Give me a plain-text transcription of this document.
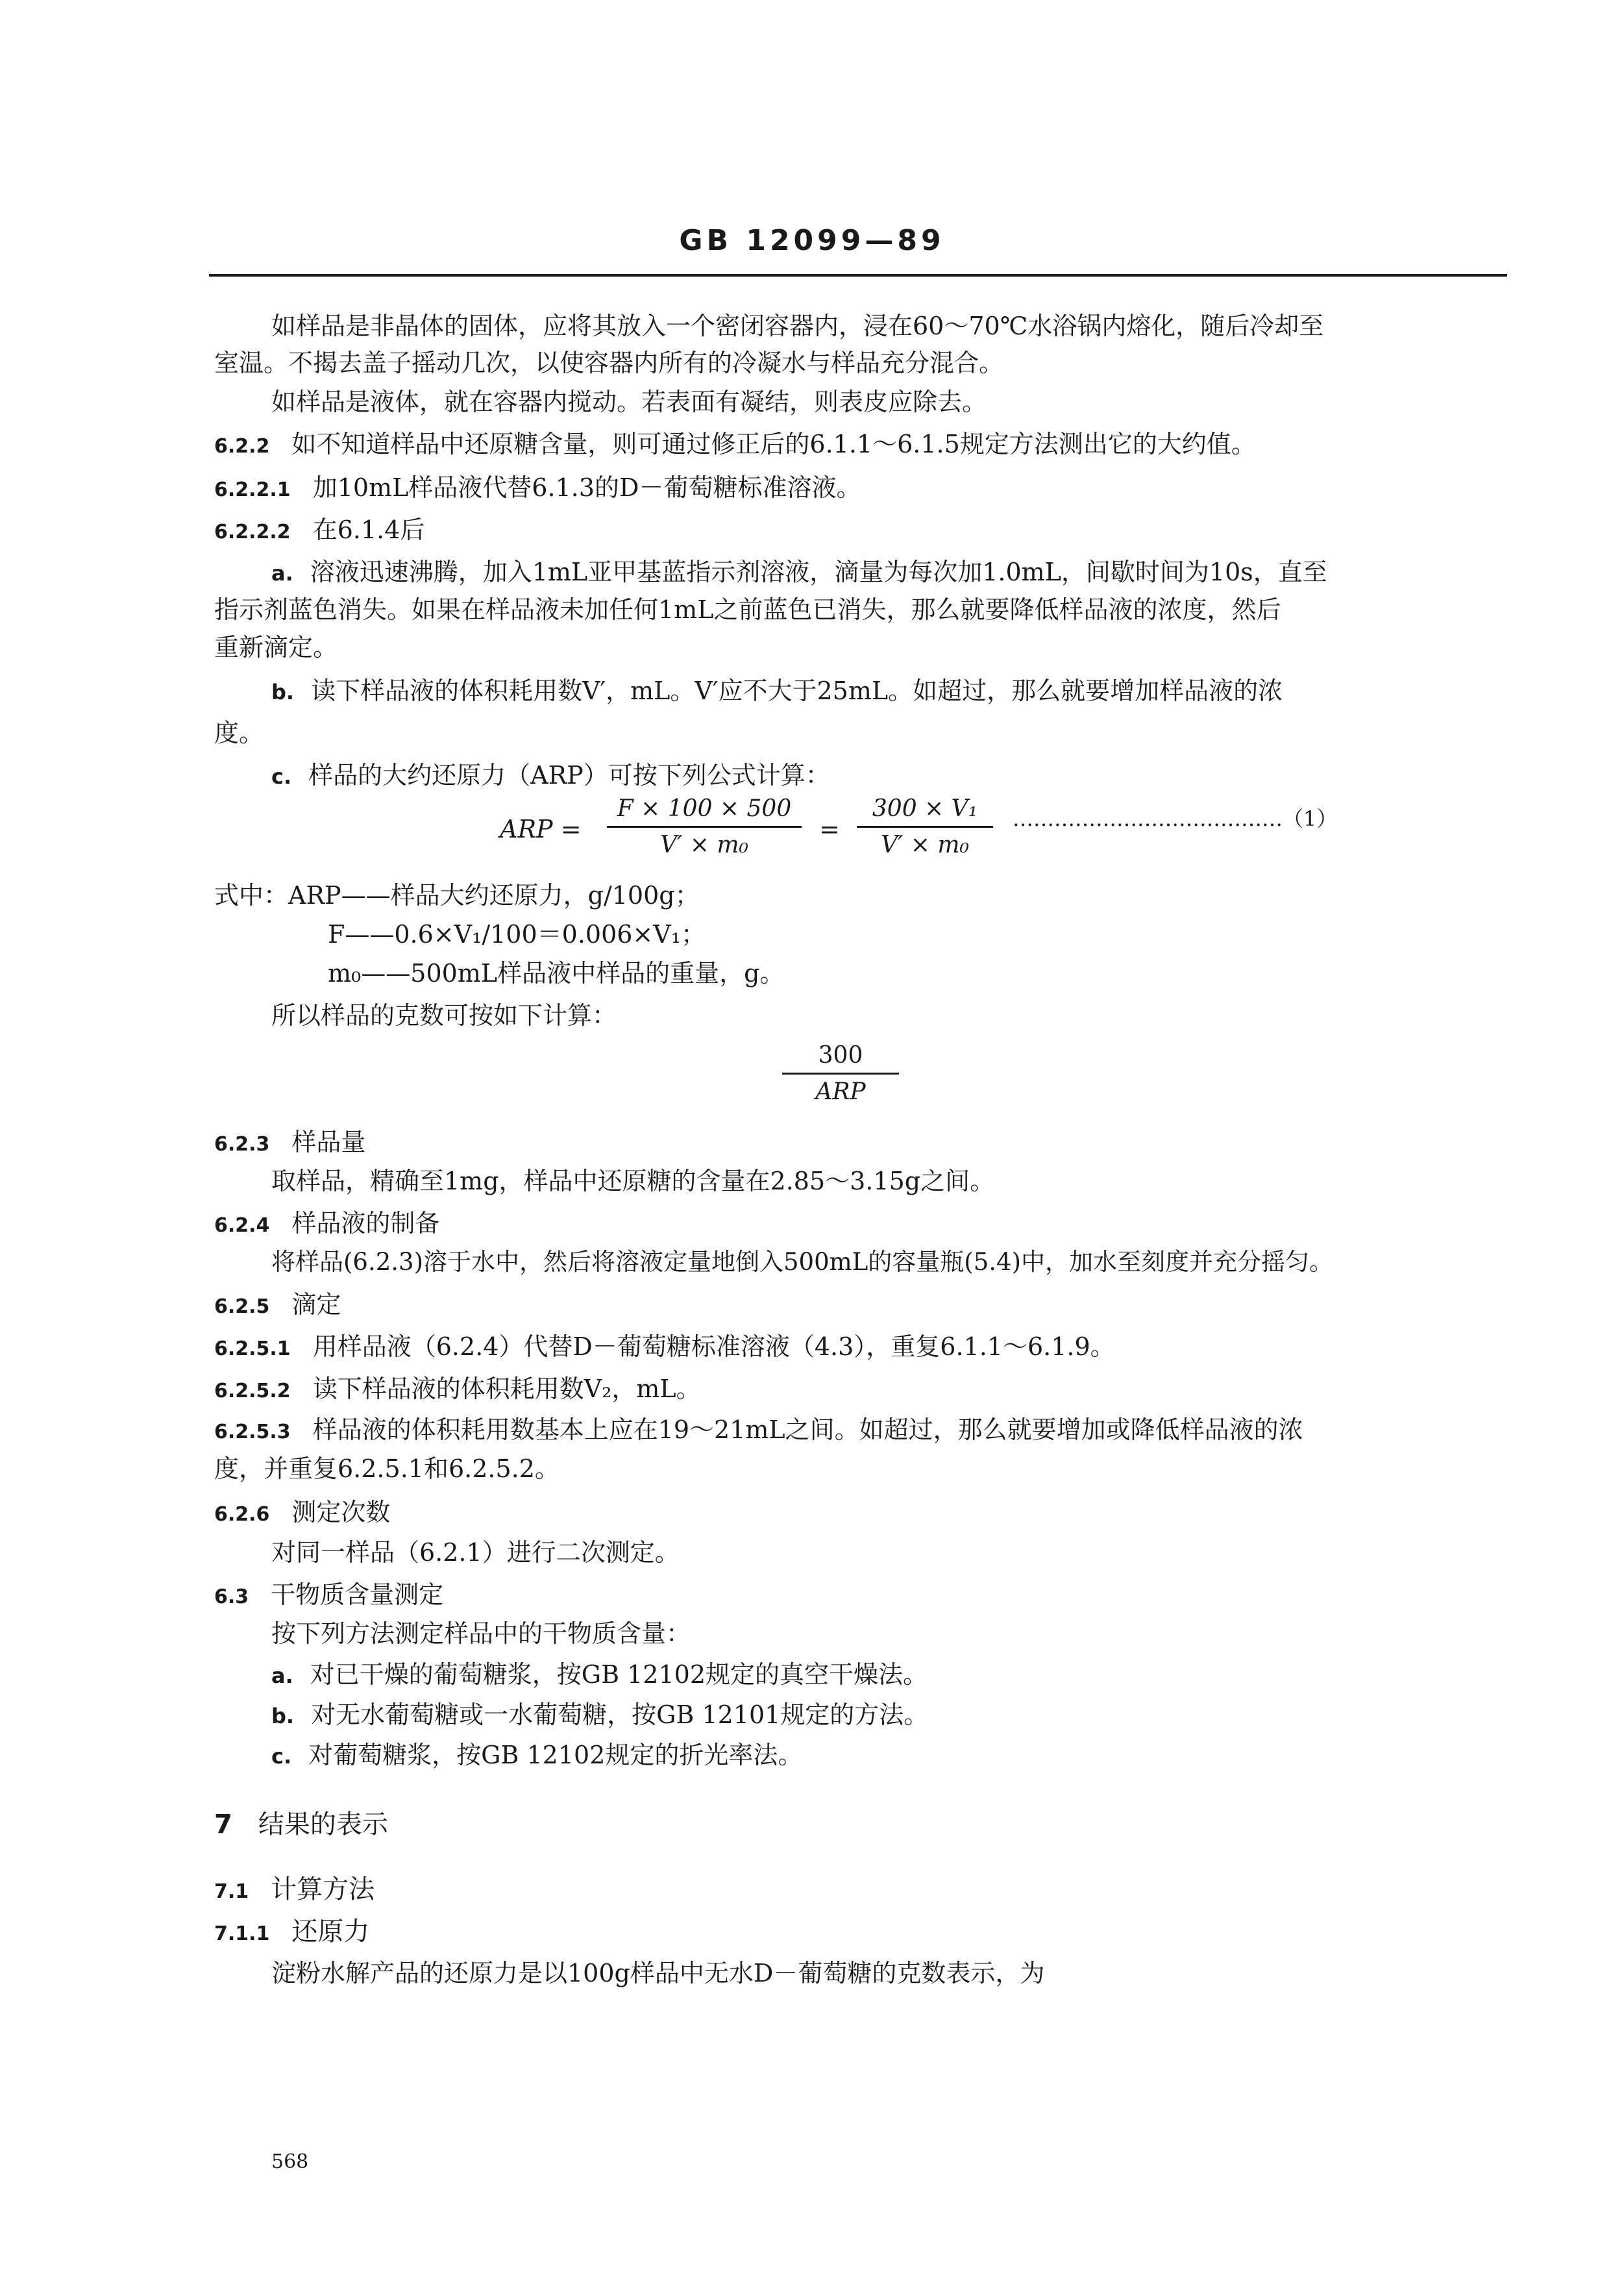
GB 12099—89
如样品是非晶体的固体，应将其放入一个密闭容器内，浸在60～70℃水浴锅内熔化，随后冷却至
室温。不揭去盖子摇动几次，以使容器内所有的冷凝水与样品充分混合。
如样品是液体，就在容器内搅动。若表面有凝结，则表皮应除去。
6.2.2 如不知道样品中还原糖含量，则可通过修正后的6.1.1～6.1.5规定方法测出它的大约值。
6.2.2.1 加10mL样品液代替6.1.3的D－葡萄糖标准溶液。
6.2.2.2 在6.1.4后
a. 溶液迅速沸腾，加入1mL亚甲基蓝指示剂溶液，滴量为每次加1.0mL，间歇时间为10s，直至
指示剂蓝色消失。如果在样品液未加任何1mL之前蓝色已消失，那么就要降低样品液的浓度，然后
重新滴定。
b. 读下样品液的体积耗用数V′，mL。V′应不大于25mL。如超过，那么就要增加样品液的浓
度。
c. 样品的大约还原力（ARP）可按下列公式计算：
ARP = $\frac{F \times 100 \times 500}{\text{V′ × m₀}} = \frac{\text{300 × V₁}}{\text{V′ × m₀}}$ …………………………………（1）
式中：ARP——样品大约还原力，g/100g；
F——0.6×V₁/100＝0.006×V₁；
m₀——500mL样品液中样品的重量，g。
所以样品的克数可按如下计算：
300
ARP
6.2.3 样品量
取样品，精确至1mg，样品中还原糖的含量在2.85～3.15g之间。
6.2.4 样品液的制备
将样品(6.2.3)溶于水中，然后将溶液定量地倒入500mL的容量瓶(5.4)中，加水至刻度并充分摇匀。
6.2.5 滴定
6.2.5.1 用样品液（6.2.4）代替D－葡萄糖标准溶液（4.3），重复6.1.1～6.1.9。
6.2.5.2 读下样品液的体积耗用数V₂，mL。
6.2.5.3 样品液的体积耗用数基本上应在19～21mL之间。如超过，那么就要增加或降低样品液的浓
度，并重复6.2.5.1和6.2.5.2。
6.2.6 测定次数
对同一样品（6.2.1）进行二次测定。
6.3 干物质含量测定
按下列方法测定样品中的干物质含量：
a. 对已干燥的葡萄糖浆，按GB 12102规定的真空干燥法。
b. 对无水葡萄糖或一水葡萄糖，按GB 12101规定的方法。
c. 对葡萄糖浆，按GB 12102规定的折光率法。
7 结果的表示
7.1 计算方法
7.1.1 还原力
淀粉水解产品的还原力是以100g样品中无水D－葡萄糖的克数表示，为
568
